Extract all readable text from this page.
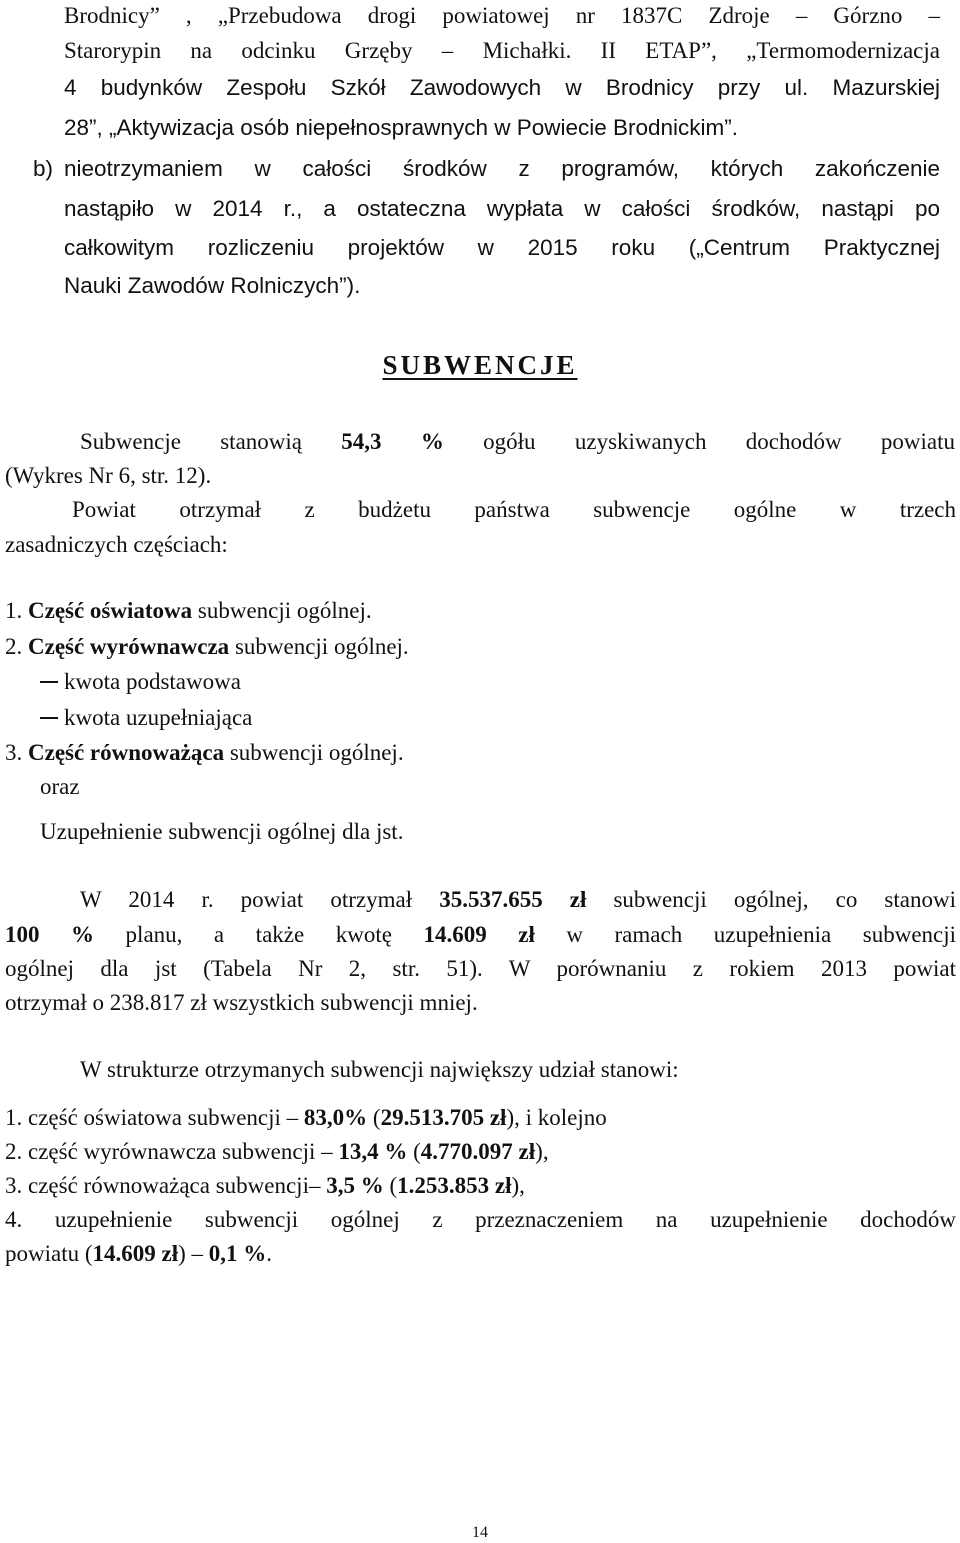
Brodnicy” , „Przebudowa drogi powiatowej nr 1837C Zdroje – Górzno –
Starorypin na odcinku Grzęby – Michałki. II ETAP”, „Termomodernizacja
4 budynków Zespołu Szkół Zawodowych w Brodnicy przy ul. Mazurskiej
28”, „Aktywizacja osób niepełnosprawnych w Powiecie Brodnickim”.
b) nieotrzymaniem w całości środków z programów, których zakończenie
nastąpiło w 2014 r., a ostateczna wypłata w całości środków, nastąpi po
całkowitym rozliczeniu projektów w 2015 roku („Centrum Praktycznej
Nauki Zawodów Rolniczych”).
SUBWENCJE
Subwencje stanowią 54,3 % ogółu uzyskiwanych dochodów powiatu
(Wykres Nr 6, str. 12).
Powiat otrzymał z budżetu państwa subwencje ogólne w trzech
zasadniczych częściach:
1. Część oświatowa subwencji ogólnej.
2. Część wyrównawcza subwencji ogólnej.
kwota podstawowa
kwota uzupełniająca
3. Część równoważąca subwencji ogólnej.
oraz
Uzupełnienie subwencji ogólnej dla jst.
W 2014 r. powiat otrzymał 35.537.655 zł subwencji ogólnej, co stanowi
100 % planu, a także kwotę 14.609 zł w ramach uzupełnienia subwencji
ogólnej dla jst (Tabela Nr 2, str. 51). W porównaniu z rokiem 2013 powiat
otrzymał o 238.817 zł wszystkich subwencji mniej.
W strukturze otrzymanych subwencji największy udział stanowi:
1. część oświatowa subwencji – 83,0% (29.513.705 zł), i kolejno
2. część wyrównawcza subwencji – 13,4 % (4.770.097 zł),
3. część równoważąca subwencji– 3,5 % (1.253.853 zł),
4. uzupełnienie subwencji ogólnej z przeznaczeniem na uzupełnienie dochodów
powiatu (14.609 zł) – 0,1 %.
14
